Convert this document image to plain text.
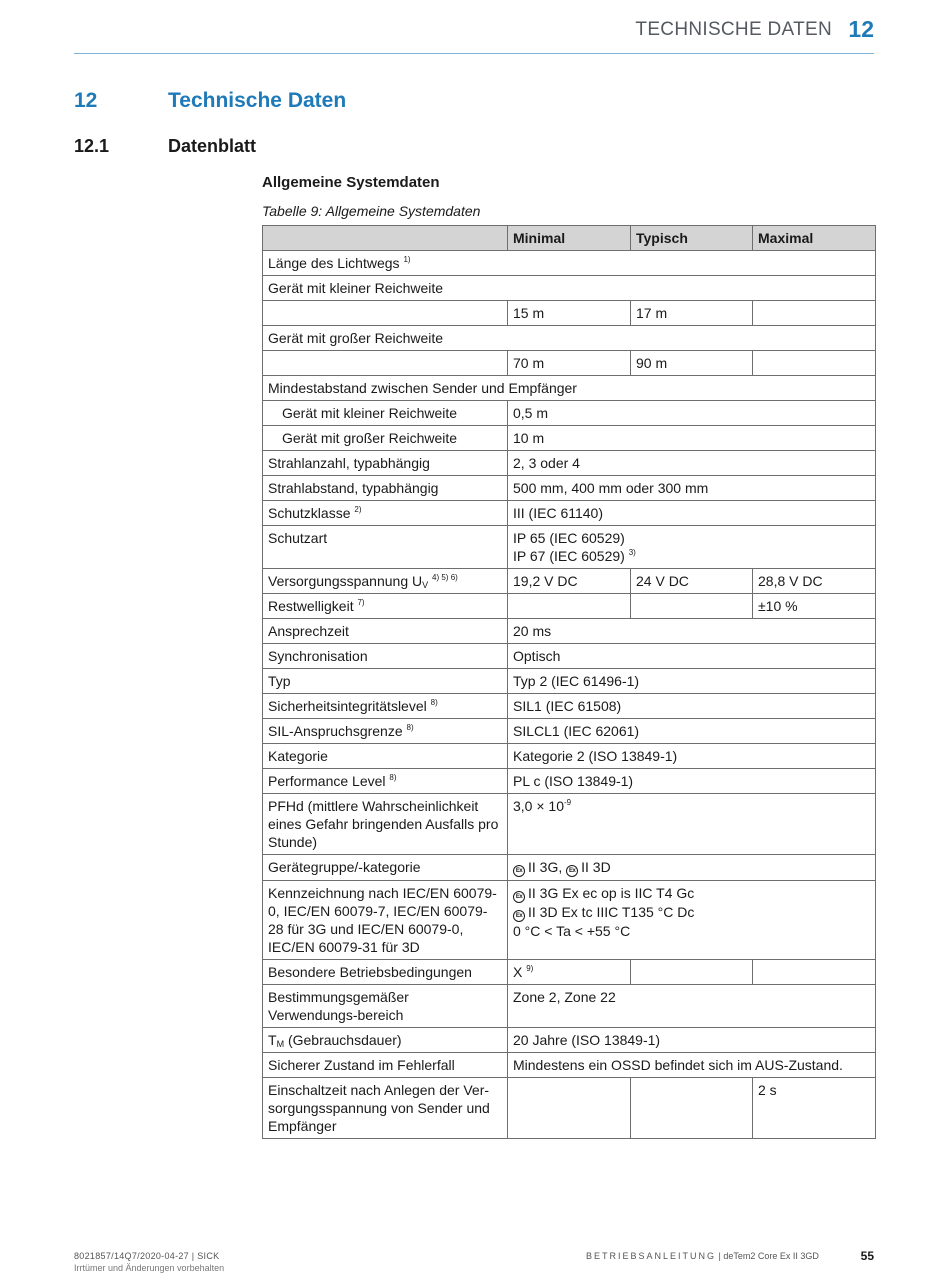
TECHNISCHE DATEN 12
12	Technische Daten
12.1	Datenblatt
Allgemeine Systemdaten
Tabelle 9: Allgemeine Systemdaten
	Minimal	Typisch	Maximal
Länge des Lichtwegs $^{1)}$
Gerät mit kleiner Reichweite			
	15 m	17 m	
Gerät mit großer Reichweite			
	70 m	90 m	
Mindestabstand zwischen Sender und Empfänger			
Gerät mit kleiner Reichweite	0,5 m		
Gerät mit großer Reichweite	10 m		
Strahlanzahl, typabhängig	2, 3 oder 4		
Strahlabstand, typabhängig	500 mm, 400 mm oder 300 mm		
Schutzklasse $^{2)}$	III (IEC 61140)		
Schutzart	IP 65 (IEC 60529)
IP 67 (IEC 60529) $^{3)}$

Versorgungsspannung $U_V$ $^{4) 5) 6)}$	19,2 V DC	24 V DC	28,8 V DC
Restwelligkeit $^{7)}$			±10 %
Ansprechzeit	20 ms		
Synchronisation	Optisch		
Typ	Typ 2 (IEC 61496-1)		
Sicherheitsintegritätslevel $^{8)}$	SIL1 (IEC 61508)		
SIL-Anspruchsgrenze $^{8)}$	SILCL1 (IEC 62061)		
Kategorie	Kategorie 2 (ISO 13849-1)		
Performance Level $^{8)}$	PL c (ISO 13849-1)		
PFHd (mittlere Wahrscheinlichkeit eines Gefahr bringenden Ausfalls pro Stunde)	$3,0 \times 10^{-9}$
Gerätegruppe/-kategorie	Ex II 3G, Ex II 3D		
Kennzeichnung nach IEC/EN 60079-0, IEC/EN 60079-7, IEC/EN 60079-28 für 3G und IEC/EN 60079-0, IEC/EN 60079-31 für 3D	Ex II 3G Ex ec op is IIC T4 Gc
Ex II 3D Ex tc IIIC T135 °C Dc
0 °C < Ta < +55 °C		

Besondere Betriebsbedingungen	X $^{9)}$		
Bestimmungsgemäßer Verwendungs-bereich	Zone 2, Zone 22		
$T_M$ (Gebrauchsdauer)	20 Jahre (ISO 13849-1)		
Sicherer Zustand im Fehlerfall	Mindestens ein OSSD befindet sich im AUS-Zustand.		
Einschaltzeit nach Anlegen der Ver-sorgungsspannung von Sender und Empfänger			2 s
8021857/14Q7/2020-04-27 | SICK
Irrtümer und Änderungen vorbehalten
BETRIEBSANLEITUNG | deTem2 Core Ex II 3GD	55
